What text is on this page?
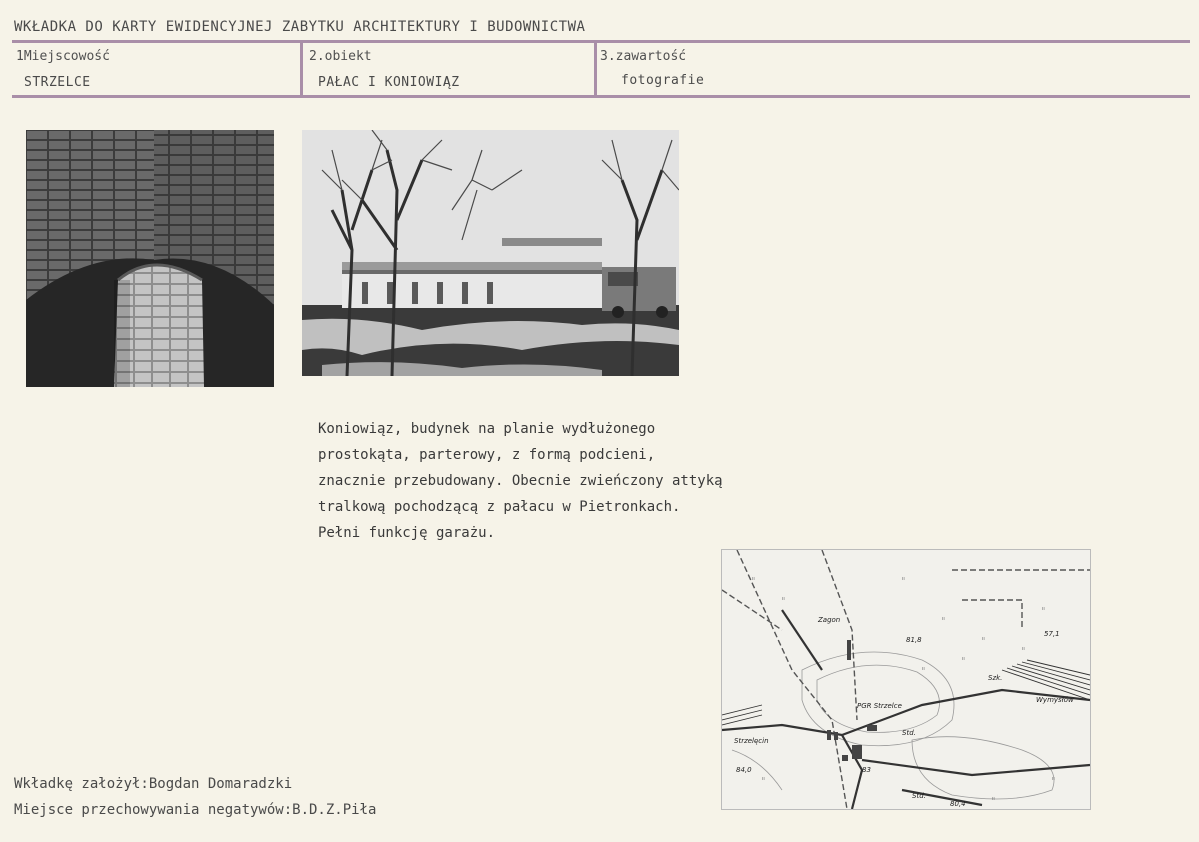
WKŁADKA DO KARTY EWIDENCYJNEJ ZABYTKU ARCHITEKTURY I BUDOWNICTWA
1Miejscowość
STRZELCE
2.obiekt
PAŁAC I KONIOWIĄZ
3.zawartość
fotografie
Koniowiąz, budynek na planie wydłużonego
prostokąta, parterowy, z formą podcieni,
znacznie przebudowany. Obecnie zwieńczony attyką
tralkową pochodzącą z pałacu w Pietronkach.
Pełni funkcję garażu.
ıı
ıı
ıı
ıı
ıı
ıı
ıı
ıı
ıı
ıı
ıı
ıı
Zagon
PGR Strzelce
Strzelęcin
Wymysłów
Szk.
Std.
Std.
84,0
81,8
83
57,1
80,4
Wkładkę założył:Bogdan Domaradzki
Miejsce przechowywania negatywów:B.D.Z.Piła
